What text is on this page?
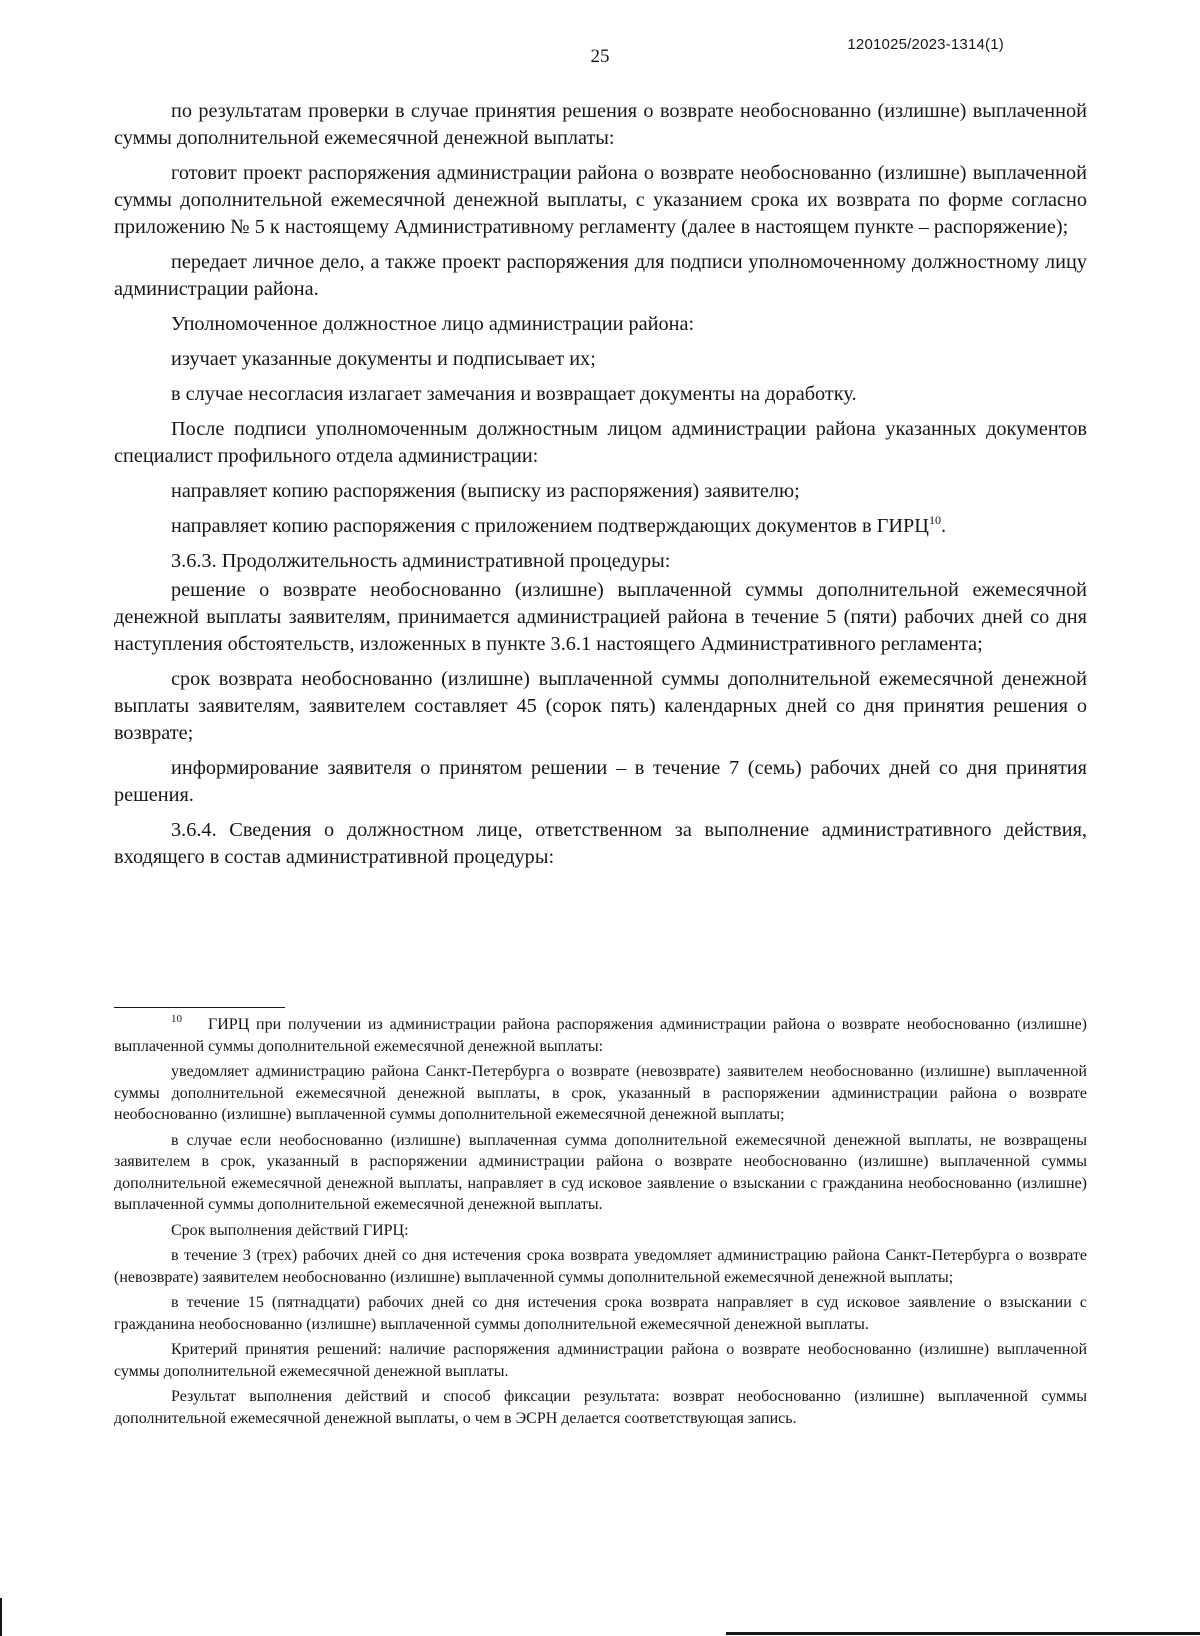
1201025/2023-1314(1)
25

по результатам проверки в случае принятия решения о возврате необоснованно (излишне) выплаченной суммы дополнительной ежемесячной денежной выплаты:

готовит проект распоряжения администрации района о возврате необоснованно (излишне) выплаченной суммы дополнительной ежемесячной денежной выплаты, с указанием срока их возврата по форме согласно приложению № 5 к настоящему Административному регламенту (далее в настоящем пункте – распоряжение);

передает личное дело, а также проект распоряжения для подписи уполномоченному должностному лицу администрации района.

Уполномоченное должностное лицо администрации района:

изучает указанные документы и подписывает их;

в случае несогласия излагает замечания и возвращает документы на доработку.

После подписи уполномоченным должностным лицом администрации района указанных документов специалист профильного отдела администрации:

направляет копию распоряжения (выписку из распоряжения) заявителю;

направляет копию распоряжения с приложением подтверждающих документов в ГИРЦ$^{10}$.

3.6.3. Продолжительность административной процедуры:

решение о возврате необоснованно (излишне) выплаченной суммы дополнительной ежемесячной денежной выплаты заявителям, принимается администрацией района в течение 5 (пяти) рабочих дней со дня наступления обстоятельств, изложенных в пункте 3.6.1 настоящего Административного регламента;

срок возврата необоснованно (излишне) выплаченной суммы дополнительной ежемесячной денежной выплаты заявителям, заявителем составляет 45 (сорок пять) календарных дней со дня принятия решения о возврате;

информирование заявителя о принятом решении – в течение 7 (семь) рабочих дней со дня принятия решения.

3.6.4. Сведения о должностном лице, ответственном за выполнение административного действия, входящего в состав административной процедуры:

$^{10}$ ГИРЦ при получении из администрации района распоряжения администрации района о возврате необоснованно (излишне) выплаченной суммы дополнительной ежемесячной денежной выплаты:

уведомляет администрацию района Санкт-Петербурга о возврате (невозврате) заявителем необоснованно (излишне) выплаченной суммы дополнительной ежемесячной денежной выплаты, в срок, указанный в распоряжении администрации района о возврате необоснованно (излишне) выплаченной суммы дополнительной ежемесячной денежной выплаты;

в случае если необоснованно (излишне) выплаченная сумма дополнительной ежемесячной денежной выплаты, не возвращены заявителем в срок, указанный в распоряжении администрации района о возврате необоснованно (излишне) выплаченной суммы дополнительной ежемесячной денежной выплаты, направляет в суд исковое заявление о взыскании с гражданина необоснованно (излишне) выплаченной суммы дополнительной ежемесячной денежной выплаты.

Срок выполнения действий ГИРЦ:

в течение 3 (трех) рабочих дней со дня истечения срока возврата уведомляет администрацию района Санкт-Петербурга о возврате (невозврате) заявителем необоснованно (излишне) выплаченной суммы дополнительной ежемесячной денежной выплаты;

в течение 15 (пятнадцати) рабочих дней со дня истечения срока возврата направляет в суд исковое заявление о взыскании с гражданина необоснованно (излишне) выплаченной суммы дополнительной ежемесячной денежной выплаты.

Критерий принятия решений: наличие распоряжения администрации района о возврате необоснованно (излишне) выплаченной суммы дополнительной ежемесячной денежной выплаты.

Результат выполнения действий и способ фиксации результата: возврат необоснованно (излишне) выплаченной суммы дополнительной ежемесячной денежной выплаты, о чем в ЭСРН делается соответствующая запись.
